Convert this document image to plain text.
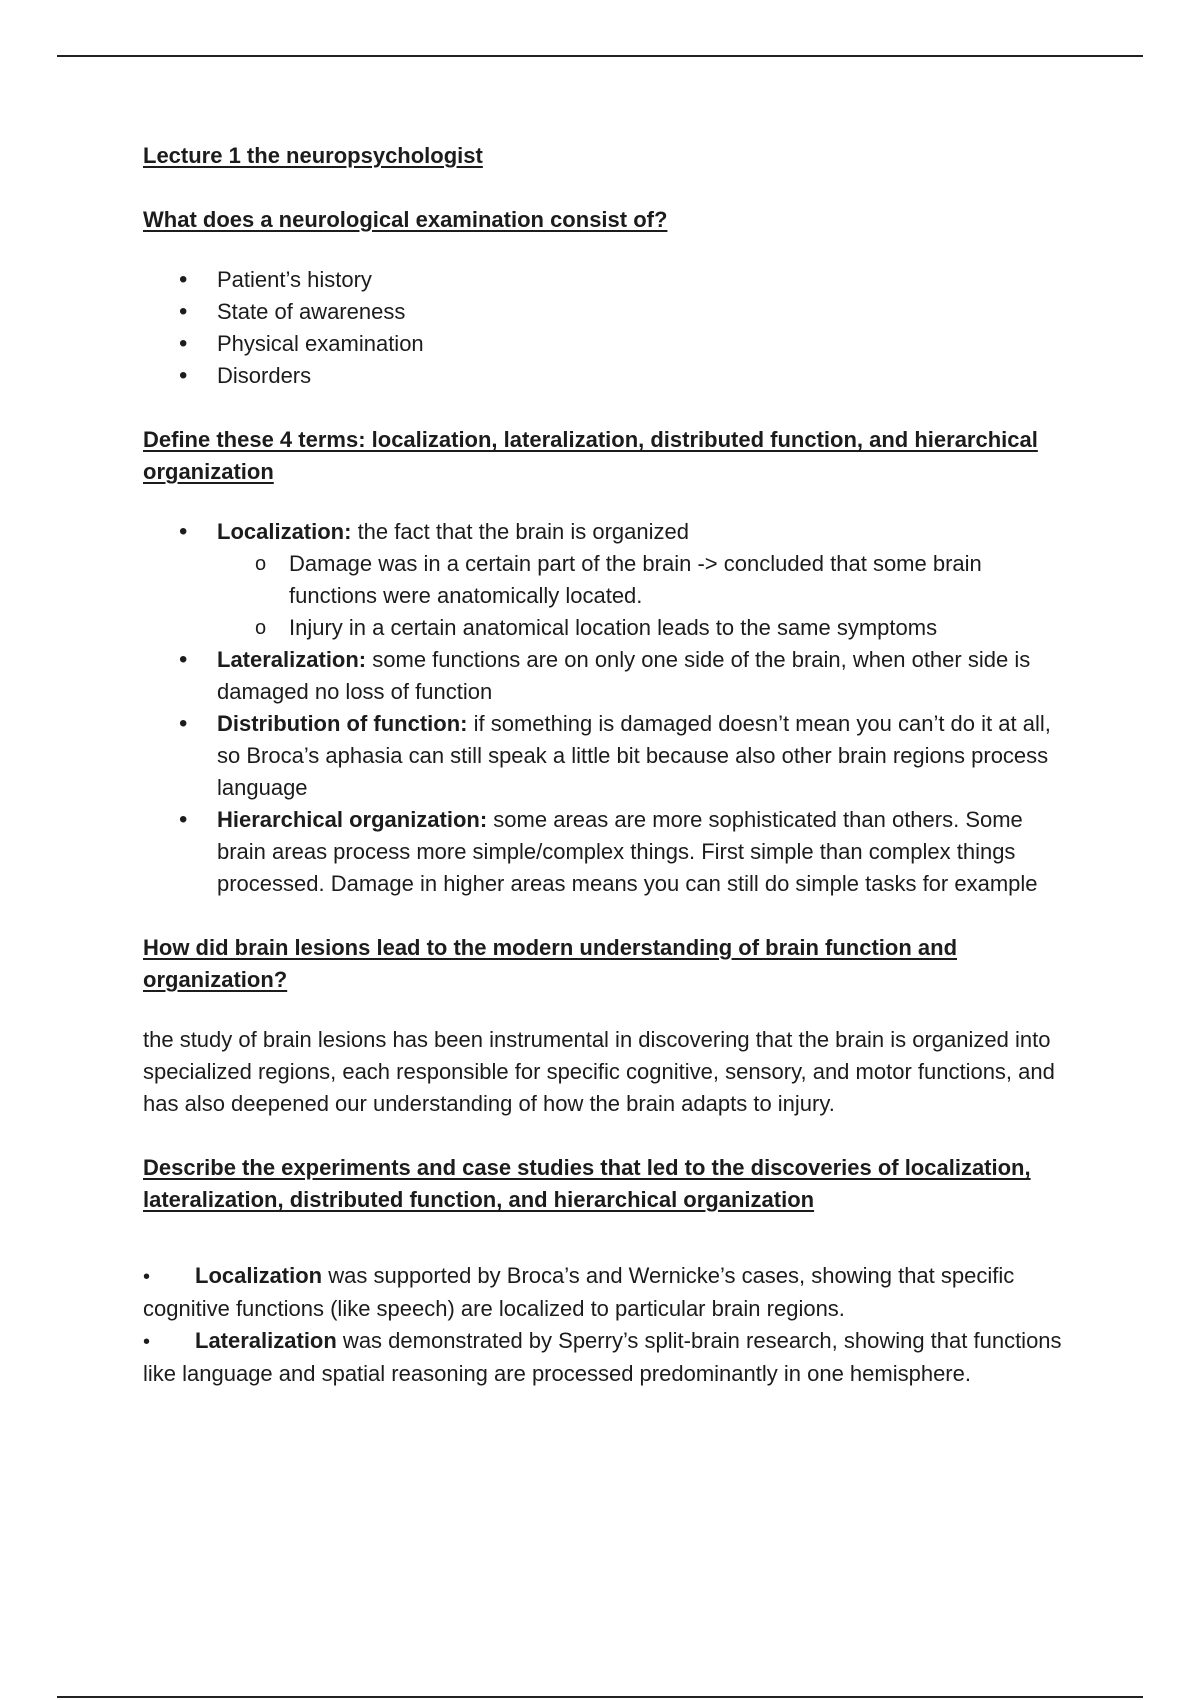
Lecture 1 the neuropsychologist

What does a neurological examination consist of?

• Patient’s history
• State of awareness
• Physical examination
• Disorders

Define these 4 terms: localization, lateralization, distributed function, and hierarchical organization

• Localization: the fact that the brain is organized
o Damage was in a certain part of the brain -> concluded that some brain functions were anatomically located.
o Injury in a certain anatomical location leads to the same symptoms
• Lateralization: some functions are on only one side of the brain, when other side is damaged no loss of function
• Distribution of function: if something is damaged doesn’t mean you can’t do it at all, so Broca’s aphasia can still speak a little bit because also other brain regions process language
• Hierarchical organization: some areas are more sophisticated than others. Some brain areas process more simple/complex things. First simple than complex things processed. Damage in higher areas means you can still do simple tasks for example

How did brain lesions lead to the modern understanding of brain function and organization?

the study of brain lesions has been instrumental in discovering that the brain is organized into specialized regions, each responsible for specific cognitive, sensory, and motor functions, and has also deepened our understanding of how the brain adapts to injury.

Describe the experiments and case studies that led to the discoveries of localization, lateralization, distributed function, and hierarchical organization

• Localization was supported by Broca’s and Wernicke’s cases, showing that specific cognitive functions (like speech) are localized to particular brain regions.

• Lateralization was demonstrated by Sperry’s split-brain research, showing that functions like language and spatial reasoning are processed predominantly in one hemisphere.
